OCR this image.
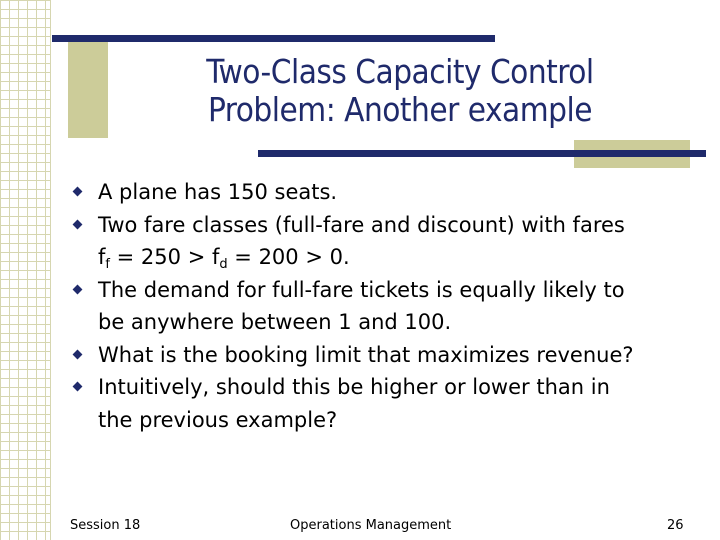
Two-Class Capacity Control
Problem: Another example
A plane has 150 seats.
Two fare classes (full-fare and discount) with fares
$f_f = 250 > f_d = 200 > 0$.
The demand for full-fare tickets is equally likely to
be anywhere between 1 and 100.
What is the booking limit that maximizes revenue?
Intuitively, should this be higher or lower than in
the previous example?
Session 18	Operations Management	26
